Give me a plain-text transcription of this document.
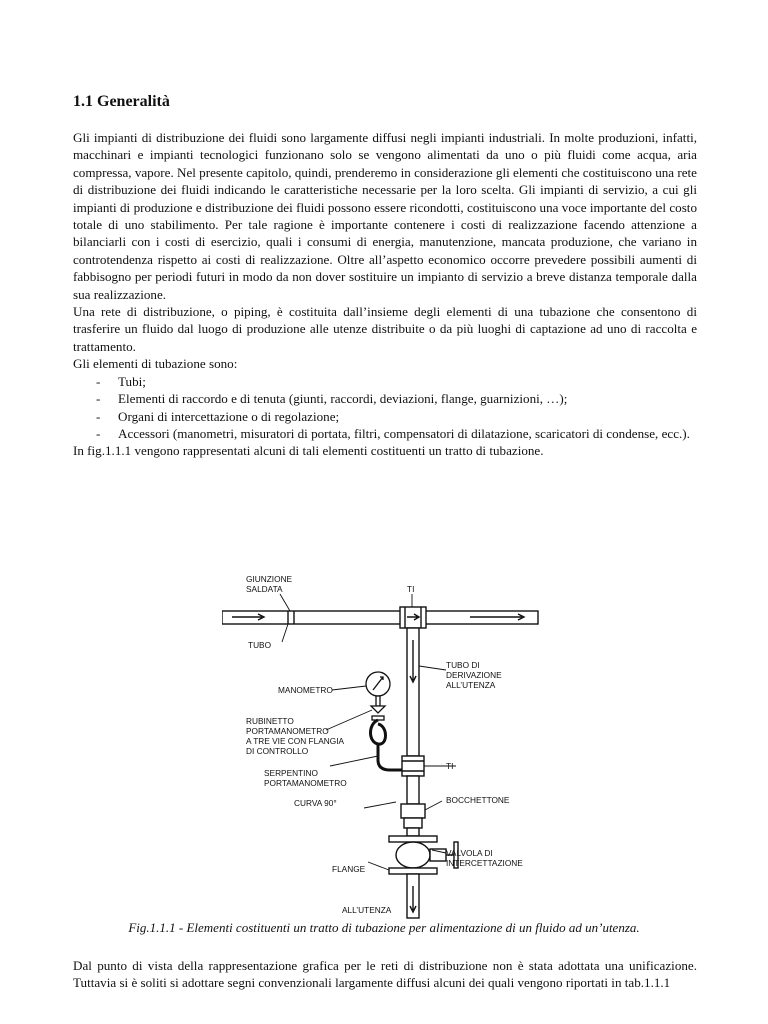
1.1 Generalità

Gli impianti di distribuzione dei fluidi sono largamente diffusi negli impianti industriali. In molte produzioni, infatti, macchinari e impianti tecnologici funzionano solo se vengono alimentati da uno o più fluidi come acqua, aria compressa, vapore. Nel presente capitolo, quindi, prenderemo in considerazione gli elementi che costituiscono una rete di distribuzione dei fluidi indicando le caratteristiche necessarie per la loro scelta. Gli impianti di servizio, a cui gli impianti di produzione e distribuzione dei fluidi possono essere ricondotti, costituiscono una voce importante del costo totale di uno stabilimento. Per tale ragione è importante contenere i costi di realizzazione facendo attenzione a bilanciarli con i costi di esercizio, quali i consumi di energia, manutenzione, mancata produzione, che variano in controtendenza rispetto ai costi di realizzazione. Oltre all’aspetto economico occorre prevedere possibili aumenti di fabbisogno per periodi futuri in modo da non dover sostituire un impianto di servizio a breve distanza temporale dalla sua realizzazione.

Una rete di distribuzione, o piping, è costituita dall’insieme degli elementi di una tubazione che consentono di trasferire un fluido dal luogo di produzione alle utenze distribuite o da più luoghi di captazione ad uno di raccolta e trattamento.

Gli elementi di tubazione sono:

- Tubi;
- Elementi di raccordo e di tenuta (giunti, raccordi, deviazioni, flange, guarnizioni, …);
- Organi di intercettazione o di regolazione;
- Accessori (manometri, misuratori di portata, filtri, compensatori di dilatazione, scaricatori di condense, ecc.).

In fig.1.1.1 vengono rappresentati alcuni di tali elementi costituenti un tratto di tubazione.

GIUNZIONE
SALDATA	TI
TUBO
TUBO DI
DERIVAZIONE
ALL’UTENZA
MANOMETRO
RUBINETTO
PORTAMANOMETRO
A TRE VIE CON FLANGIA
DI CONTROLLO
SERPENTINO
PORTAMANOMETRO
TI
CURVA 90°	BOCCHETTONE
VALVOLA DI
INTERCETTAZIONE
FLANGE
ALL’UTENZA
Fig.1.1.1 - Elementi costituenti un tratto di tubazione per alimentazione di un fluido ad un’utenza.

Dal punto di vista della rappresentazione grafica per le reti di distribuzione non è stata adottata una unificazione. Tuttavia si è soliti si adottare segni convenzionali largamente diffusi alcuni dei quali vengono riportati in tab.1.1.1
